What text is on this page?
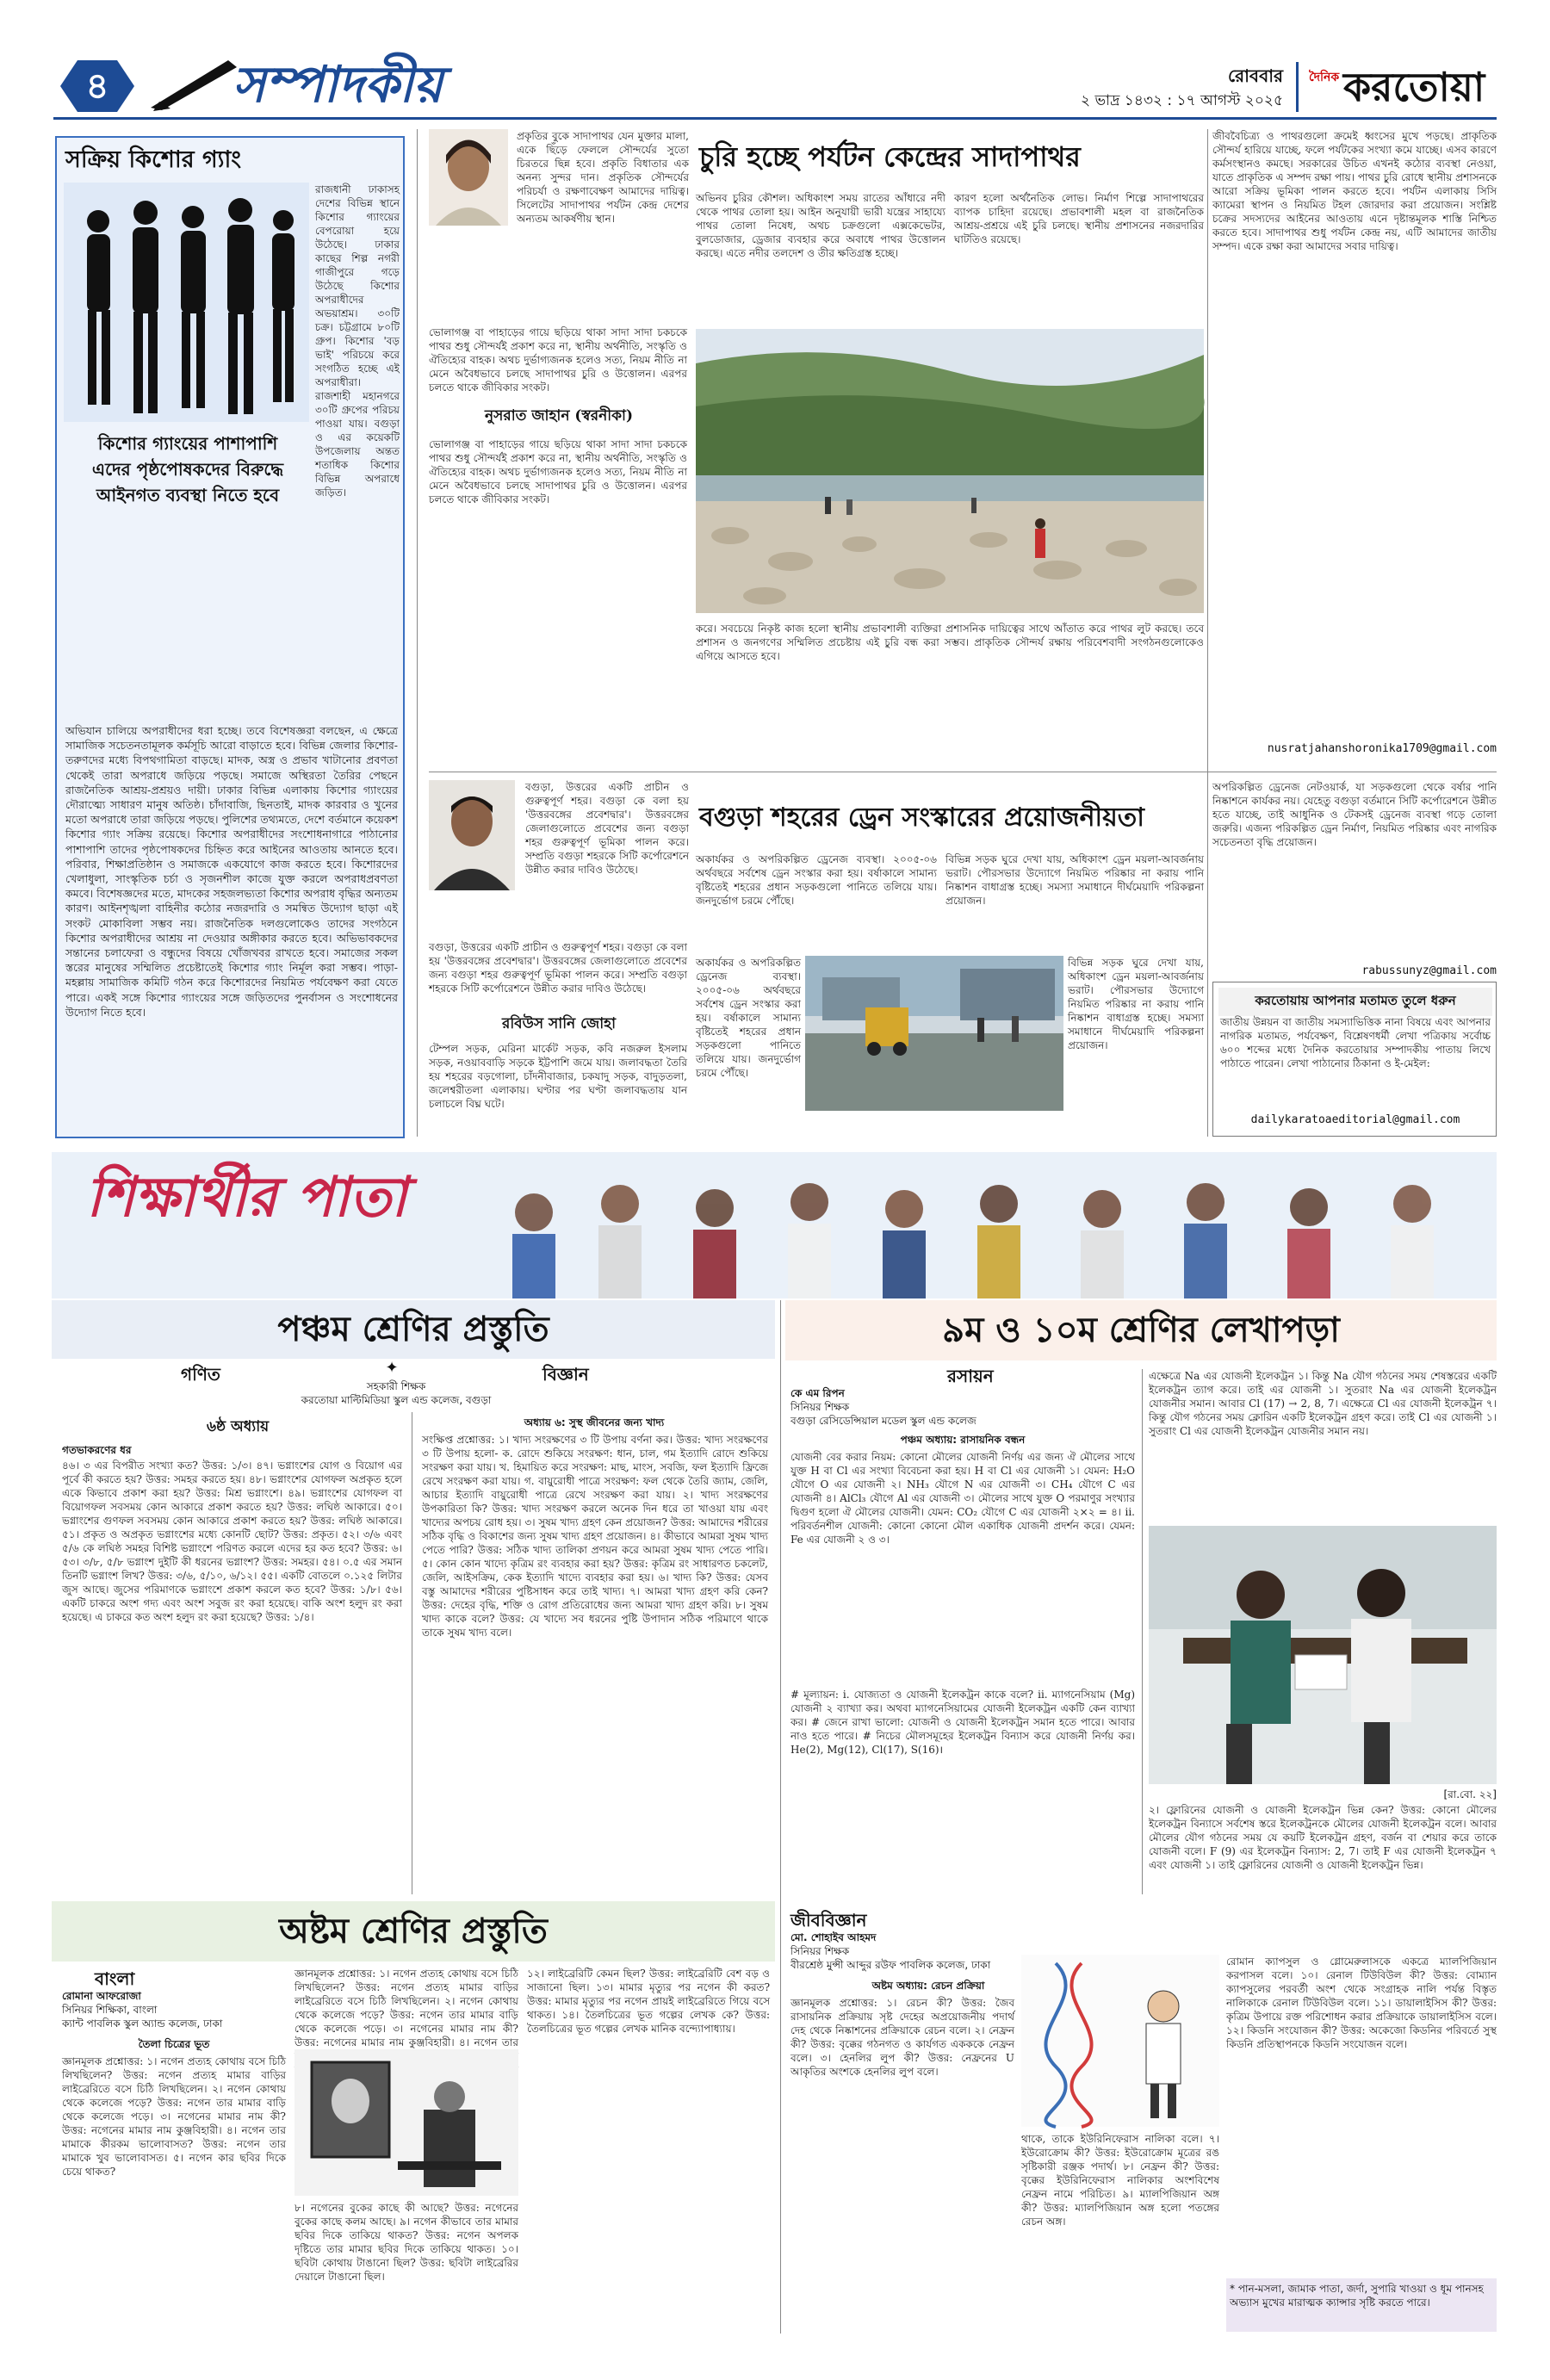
৪	সম্পাদকীয়	রোববার
২ ভাদ্র ১৪৩২ : ১৭ আগস্ট ২০২৫
দৈনিক করতোয়া
সক্রিয় কিশোর গ্যাং
রাজধানী ঢাকাসহ দেশের বিভিন্ন স্থানে কিশোর গ্যাংয়ের বেপরোয়া হয়ে উঠেছে। ঢাকার কাছের শিল্প নগরী গাজীপুরে গড়ে উঠেছে কিশোর অপরাধীদের অভয়াশ্রম। ৩০টি চক্র। চট্টগ্রামে ৮০টি গ্রুপ। কিশোর 'বড় ভাই' পরিচয়ে করে সংগঠিত হচ্ছে এই অপরাধীরা। রাজশাহী মহানগরে ৩০টি গ্রুপের পরিচয় পাওয়া যায়। বগুড়া ও এর কয়েকটি উপজেলায় অন্তত শতাধিক কিশোর বিভিন্ন অপরাধে জড়িত।
কিশোর গ্যাংয়ের পাশাপাশি এদের পৃষ্ঠপোষকদের বিরুদ্ধে আইনগত ব্যবস্থা নিতে হবে
অভিযান চালিয়ে অপরাধীদের ধরা হচ্ছে। তবে বিশেষজ্ঞরা বলছেন, এ ক্ষেত্রে সামাজিক সচেতনতামূলক কর্মসূচি আরো বাড়াতে হবে। বিভিন্ন জেলার কিশোর-তরুণদের মধ্যে বিপথগামিতা বাড়ছে। মাদক, অস্ত্র ও প্রভাব খাটানোর প্রবণতা থেকেই তারা অপরাধে জড়িয়ে পড়ছে। সমাজে অস্থিরতা তৈরির পেছনে রাজনৈতিক আশ্রয়-প্রশ্রয়ও দায়ী। ঢাকার বিভিন্ন এলাকায় কিশোর গ্যাংয়ের দৌরাত্ম্যে সাধারণ মানুষ অতিষ্ঠ। চাঁদাবাজি, ছিনতাই, মাদক কারবার ও খুনের মতো অপরাধে তারা জড়িয়ে পড়ছে। পুলিশের তথ্যমতে, দেশে বর্তমানে কয়েকশ কিশোর গ্যাং সক্রিয় রয়েছে। কিশোর অপরাধীদের সংশোধনাগারে পাঠানোর পাশাপাশি তাদের পৃষ্ঠপোষকদের চিহ্নিত করে আইনের আওতায় আনতে হবে। পরিবার, শিক্ষাপ্রতিষ্ঠান ও সমাজকে একযোগে কাজ করতে হবে। কিশোরদের খেলাধুলা, সাংস্কৃতিক চর্চা ও সৃজনশীল কাজে যুক্ত করলে অপরাধপ্রবণতা কমবে। বিশেষজ্ঞদের মতে, মাদকের সহজলভ্যতা কিশোর অপরাধ বৃদ্ধির অন্যতম কারণ। আইনশৃঙ্খলা বাহিনীর কঠোর নজরদারি ও সমন্বিত উদ্যোগ ছাড়া এই সংকট মোকাবিলা সম্ভব নয়। রাজনৈতিক দলগুলোকেও তাদের সংগঠনে কিশোর অপরাধীদের আশ্রয় না দেওয়ার অঙ্গীকার করতে হবে। অভিভাবকদের সন্তানের চলাফেরা ও বন্ধুদের বিষয়ে খোঁজখবর রাখতে হবে। সমাজের সকল স্তরের মানুষের সম্মিলিত প্রচেষ্টাতেই কিশোর গ্যাং নির্মূল করা সম্ভব। পাড়া-মহল্লায় সামাজিক কমিটি গঠন করে কিশোরদের নিয়মিত পর্যবেক্ষণ করা যেতে পারে। একই সঙ্গে কিশোর গ্যাংয়ের সঙ্গে জড়িতদের পুনর্বাসন ও সংশোধনের উদ্যোগ নিতে হবে।
প্রকৃতির বুকে সাদাপাথর যেন মুক্তার মালা, একে ছিঁড়ে ফেললে সৌন্দর্যের সুতো চিরতরে ছিন্ন হবে। প্রকৃতি বিধাতার এক অনন্য সুন্দর দান। প্রকৃতিক সৌন্দর্যের পরিচর্যা ও রক্ষণাবেক্ষণ আমাদের দায়িত্ব। সিলেটের সাদাপাথর পর্যটন কেন্দ্র দেশের অন্যতম আকর্ষণীয় স্থান।
চুরি হচ্ছে পর্যটন কেন্দ্রের সাদাপাথর
ভোলাগঞ্জ বা পাহাড়ের গায়ে ছড়িয়ে থাকা সাদা সাদা চকচকে পাথর শুধু সৌন্দর্যই প্রকাশ করে না, স্থানীয় অর্থনীতি, সংস্কৃতি ও ঐতিহ্যের বাহক। অথচ দুর্ভাগ্যজনক হলেও সত্য, নিয়ম নীতি না মেনে অবৈধভাবে চলছে সাদাপাথর চুরি ও উত্তোলন। এরপর চলতে থাকে জীবিকার সংকট।
নুসরাত জাহান (স্বরনীকা)
ভোলাগঞ্জ বা পাহাড়ের গায়ে ছড়িয়ে থাকা সাদা সাদা চকচকে পাথর শুধু সৌন্দর্যই প্রকাশ করে না, স্থানীয় অর্থনীতি, সংস্কৃতি ও ঐতিহ্যের বাহক। অথচ দুর্ভাগ্যজনক হলেও সত্য, নিয়ম নীতি না মেনে অবৈধভাবে চলছে সাদাপাথর চুরি ও উত্তোলন। এরপর চলতে থাকে জীবিকার সংকট।
অভিনব চুরির কৌশল। অধিকাংশ সময় রাতের আঁধারে নদী থেকে পাথর তোলা হয়। আইন অনুযায়ী ভারী যন্ত্রের সাহায্যে পাথর তোলা নিষেধ, অথচ চক্রগুলো এক্সকেভেটর, বুলডোজার, ড্রেজার ব্যবহার করে অবাধে পাথর উত্তোলন করছে। এতে নদীর তলদেশ ও তীর ক্ষতিগ্রস্ত হচ্ছে।
কারণ হলো অর্থনৈতিক লোভ। নির্মাণ শিল্পে সাদাপাথরের ব্যাপক চাহিদা রয়েছে। প্রভাবশালী মহল বা রাজনৈতিক আশ্রয়-প্রশ্রয়ে এই চুরি চলছে। স্থানীয় প্রশাসনের নজরদারির ঘাটতিও রয়েছে।
করে। সবচেয়ে নিকৃষ্ট কাজ হলো স্থানীয় প্রভাবশালী ব্যক্তিরা প্রশাসনিক দায়িত্বের সাথে আঁতাত করে পাথর লুট করছে। তবে প্রশাসন ও জনগণের সম্মিলিত প্রচেষ্টায় এই চুরি বন্ধ করা সম্ভব। প্রাকৃতিক সৌন্দর্য রক্ষায় পরিবেশবাদী সংগঠনগুলোকেও এগিয়ে আসতে হবে।
জীববৈচিত্র্য ও পাথরগুলো ক্রমেই ধ্বংসের মুখে পড়ছে। প্রাকৃতিক সৌন্দর্য হারিয়ে যাচ্ছে, ফলে পর্যটকের সংখ্যা কমে যাচ্ছে। এসব কারণে কর্মসংস্থানও কমছে। সরকারের উচিত এখনই কঠোর ব্যবস্থা নেওয়া, যাতে প্রাকৃতিক এ সম্পদ রক্ষা পায়। পাথর চুরি রোধে স্থানীয় প্রশাসনকে আরো সক্রিয় ভূমিকা পালন করতে হবে। পর্যটন এলাকায় সিসি ক্যামেরা স্থাপন ও নিয়মিত টহল জোরদার করা প্রয়োজন। সংশ্লিষ্ট চক্রের সদস্যদের আইনের আওতায় এনে দৃষ্টান্তমূলক শাস্তি নিশ্চিত করতে হবে। সাদাপাথর শুধু পর্যটন কেন্দ্র নয়, এটি আমাদের জাতীয় সম্পদ। একে রক্ষা করা আমাদের সবার দায়িত্ব।
nusratjahanshoronika1709@gmail.com
বগুড়া, উত্তরের একটি প্রাচীন ও গুরুত্বপূর্ণ শহর। বগুড়া কে বলা হয় 'উত্তরবঙ্গের প্রবেশদ্বার'। উত্তরবঙ্গের জেলাগুলোতে প্রবেশের জন্য বগুড়া শহর গুরুত্বপূর্ণ ভূমিকা পালন করে। সম্প্রতি বগুড়া শহরকে সিটি কর্পোরেশনে উন্নীত করার দাবিও উঠেছে।
বগুড়া শহরের ড্রেন সংস্কারের প্রয়োজনীয়তা
বগুড়া, উত্তরের একটি প্রাচীন ও গুরুত্বপূর্ণ শহর। বগুড়া কে বলা হয় 'উত্তরবঙ্গের প্রবেশদ্বার'। উত্তরবঙ্গের জেলাগুলোতে প্রবেশের জন্য বগুড়া শহর গুরুত্বপূর্ণ ভূমিকা পালন করে। সম্প্রতি বগুড়া শহরকে সিটি কর্পোরেশনে উন্নীত করার দাবিও উঠেছে।
রবিউস সানি জোহা
টেম্পল সড়ক, মেরিনা মার্কেট সড়ক, কবি নজরুল ইসলাম সড়ক, নওয়াববাড়ি সড়কে ইট্টপাশি জমে যায়। জলাবদ্ধতা তৈরি হয় শহরের বড়গোলা, চাঁদনীবাজার, চকযাদু সড়ক, বাদুড়তলা, জলেশ্বরীতলা এলাকায়। ঘণ্টার পর ঘণ্টা জলাবদ্ধতায় যান চলাচলে বিঘ্ন ঘটে।
অকার্যকর ও অপরিকল্পিত ড্রেনেজ ব্যবস্থা। ২০০৫-০৬ অর্থবছরে সর্বশেষ ড্রেন সংস্কার করা হয়। বর্ষাকালে সামান্য বৃষ্টিতেই শহরের প্রধান সড়কগুলো পানিতে তলিয়ে যায়। জনদুর্ভোগ চরমে পৌঁছে।
বিভিন্ন সড়ক ঘুরে দেখা যায়, অধিকাংশ ড্রেন ময়লা-আবর্জনায় ভরাট। পৌরসভার উদ্যোগে নিয়মিত পরিষ্কার না করায় পানি নিষ্কাশন বাধাগ্রস্ত হচ্ছে। সমস্যা সমাধানে দীর্ঘমেয়াদি পরিকল্পনা প্রয়োজন।
অকার্যকর ও অপরিকল্পিত ড্রেনেজ ব্যবস্থা। ২০০৫-০৬ অর্থবছরে সর্বশেষ ড্রেন সংস্কার করা হয়। বর্ষাকালে সামান্য বৃষ্টিতেই শহরের প্রধান সড়কগুলো পানিতে তলিয়ে যায়। জনদুর্ভোগ চরমে পৌঁছে।
বিভিন্ন সড়ক ঘুরে দেখা যায়, অধিকাংশ ড্রেন ময়লা-আবর্জনায় ভরাট। পৌরসভার উদ্যোগে নিয়মিত পরিষ্কার না করায় পানি নিষ্কাশন বাধাগ্রস্ত হচ্ছে। সমস্যা সমাধানে দীর্ঘমেয়াদি পরিকল্পনা প্রয়োজন।
অপরিকল্পিত ড্রেনেজ নেটওয়ার্ক, যা সড়কগুলো থেকে বর্ষার পানি নিষ্কাশনে কার্যকর নয়। যেহেতু বগুড়া বর্তমানে সিটি কর্পোরেশনে উন্নীত হতে যাচ্ছে, তাই আধুনিক ও টেকসই ড্রেনেজ ব্যবস্থা গড়ে তোলা জরুরি। এজন্য পরিকল্পিত ড্রেন নির্মাণ, নিয়মিত পরিষ্কার এবং নাগরিক সচেতনতা বৃদ্ধি প্রয়োজন।
rabussunyz@gmail.com
করতোয়ায় আপনার মতামত তুলে ধরুন
জাতীয় উন্নয়ন বা জাতীয় সমস্যাভিত্তিক নানা বিষয়ে এবং আপনার নাগরিক মতামত, পর্যবেক্ষণ, বিশ্লেষণধর্মী লেখা পত্রিকায় সর্বোচ্চ ৬০০ শব্দের মধ্যে দৈনিক করতোয়ার সম্পাদকীয় পাতায় লিখে পাঠাতে পারেন। লেখা পাঠানোর ঠিকানা ও ই-মেইল:
dailykaratoaeditorial@gmail.com
শিক্ষার্থীর পাতা
পঞ্চম শ্রেণির প্রস্তুতি
গণিত	✦	বিজ্ঞান
সহকারী শিক্ষক
করতোয়া মাল্টিমিডিয়া স্কুল এন্ড কলেজ, বগুড়া
৬ষ্ঠ অধ্যায়
গতভাকরণের ধর
৪৬। ৩ এর বিপরীত সংখ্যা কত? উত্তর: ১/৩। ৪৭। ভগ্নাংশের যোগ ও বিয়োগ এর পূর্বে কী করতে হয়? উত্তর: সমহর করতে হয়। ৪৮। ভগ্নাংশের যোগফল অপ্রকৃত হলে একে কিভাবে প্রকাশ করা হয়? উত্তর: মিশ্র ভগ্নাংশে। ৪৯। ভগ্নাংশের যোগফল বা বিয়োগফল সবসময় কোন আকারে প্রকাশ করতে হয়? উত্তর: লঘিষ্ঠ আকারে। ৫০। ভগ্নাংশের গুণফল সবসময় কোন আকারে প্রকাশ করতে হয়? উত্তর: লঘিষ্ঠ আকারে। ৫১। প্রকৃত ও অপ্রকৃত ভগ্নাংশের মধ্যে কোনটি ছোট? উত্তর: প্রকৃত। ৫২। ৩/৬ এবং ৫/৬ কে লঘিষ্ঠ সমহর বিশিষ্ট ভগ্নাংশে পরিণত করলে এদের হর কত হবে? উত্তর: ৬। ৫৩। ৩/৮, ৫/৮ ভগ্নাংশ দুইটি কী ধরনের ভগ্নাংশ? উত্তর: সমহর। ৫৪। ০.৫ এর সমান তিনটি ভগ্নাংশ লিখ? উত্তর: ৩/৬, ৫/১০, ৬/১২। ৫৫। একটি বোতলে ০.১২৫ লিটার জুস আছে। জুসের পরিমাণকে ভগ্নাংশে প্রকাশ করলে কত হবে? উত্তর: ১/৮। ৫৬। একটি চাকরে অংশ গদ্য এবং অংশ সবুজ রং করা হয়েছে। বাকি অংশ হলুদ রং করা হয়েছে। এ চাকরে কত অংশ হলুদ রং করা হয়েছে? উত্তর: ১/৪।
অধ্যায় ৬: সুস্থ জীবনের জন্য খাদ্য
সংক্ষিপ্ত প্রশ্নোত্তর: ১। খাদ্য সংরক্ষণের ৩ টি উপায় বর্ণনা কর। উত্তর: খাদ্য সংরক্ষণের ৩ টি উপায় হলো- ক. রোদে শুকিয়ে সংরক্ষণ: ধান, চাল, গম ইত্যাদি রোদে শুকিয়ে সংরক্ষণ করা যায়। খ. হিমায়িত করে সংরক্ষণ: মাছ, মাংস, সবজি, ফল ইত্যাদি ফ্রিজে রেখে সংরক্ষণ করা যায়। গ. বায়ুরোধী পাত্রে সংরক্ষণ: ফল থেকে তৈরি জ্যাম, জেলি, আচার ইত্যাদি বায়ুরোধী পাত্রে রেখে সংরক্ষণ করা যায়। ২। খাদ্য সংরক্ষণের উপকারিতা কি? উত্তর: খাদ্য সংরক্ষণ করলে অনেক দিন ধরে তা খাওয়া যায় এবং খাদ্যের অপচয় রোধ হয়। ৩। সুষম খাদ্য গ্রহণ কেন প্রয়োজন? উত্তর: আমাদের শরীরের সঠিক বৃদ্ধি ও বিকাশের জন্য সুষম খাদ্য গ্রহণ প্রয়োজন। ৪। কীভাবে আমরা সুষম খাদ্য পেতে পারি? উত্তর: সঠিক খাদ্য তালিকা প্রণয়ন করে আমরা সুষম খাদ্য পেতে পারি। ৫। কোন কোন খাদ্যে কৃত্রিম রং ব্যবহার করা হয়? উত্তর: কৃত্রিম রং সাধারণত চকলেট, জেলি, আইসক্রিম, কেক ইত্যাদি খাদ্যে ব্যবহার করা হয়। ৬। খাদ্য কি? উত্তর: যেসব বস্তু আমাদের শরীরের পুষ্টিসাধন করে তাই খাদ্য। ৭। আমরা খাদ্য গ্রহণ করি কেন? উত্তর: দেহের বৃদ্ধি, শক্তি ও রোগ প্রতিরোধের জন্য আমরা খাদ্য গ্রহণ করি। ৮। সুষম খাদ্য কাকে বলে? উত্তর: যে খাদ্যে সব ধরনের পুষ্টি উপাদান সঠিক পরিমাণে থাকে তাকে সুষম খাদ্য বলে।
অষ্টম শ্রেণির প্রস্তুতি
বাংলা
রোমানা আফরোজা
সিনিয়র শিক্ষিকা, বাংলা
ক্যান্ট পাবলিক স্কুল অ্যান্ড কলেজ, ঢাকা
তৈলা চিত্রের ভূত
জ্ঞানমূলক প্রশ্নোত্তর: ১। নগেন প্রত্যহ কোথায় বসে চিঠি লিখছিলেন? উত্তর: নগেন প্রত্যহ মামার বাড়ির লাইব্রেরিতে বসে চিঠি লিখছিলেন। ২। নগেন কোথায় থেকে কলেজে পড়ে? উত্তর: নগেন তার মামার বাড়ি থেকে কলেজে পড়ে। ৩। নগেনের মামার নাম কী? উত্তর: নগেনের মামার নাম কুঞ্জবিহারী। ৪। নগেন তার মামাকে কীরকম ভালোবাসত? উত্তর: নগেন তার মামাকে খুব ভালোবাসত। ৫। নগেন কার ছবির দিকে চেয়ে থাকত?
জ্ঞানমূলক প্রশ্নোত্তর: ১। নগেন প্রত্যহ কোথায় বসে চিঠি লিখছিলেন? উত্তর: নগেন প্রত্যহ মামার বাড়ির লাইব্রেরিতে বসে চিঠি লিখছিলেন। ২। নগেন কোথায় থেকে কলেজে পড়ে? উত্তর: নগেন তার মামার বাড়ি থেকে কলেজে পড়ে। ৩। নগেনের মামার নাম কী? উত্তর: নগেনের মামার নাম কুঞ্জবিহারী। ৪। নগেন তার
৮। নগেনের বুকের কাছে কী আছে? উত্তর: নগেনের বুকের কাছে কলম আছে। ৯। নগেন কীভাবে তার মামার ছবির দিকে তাকিয়ে থাকত? উত্তর: নগেন অপলক দৃষ্টিতে তার মামার ছবির দিকে তাকিয়ে থাকত। ১০। ছবিটা কোথায় টাঙানো ছিল? উত্তর: ছবিটা লাইব্রেরির দেয়ালে টাঙানো ছিল।
১২। লাইব্রেরিটি কেমন ছিল? উত্তর: লাইব্রেরিটি বেশ বড় ও সাজানো ছিল। ১৩। মামার মৃত্যুর পর নগেন কী করত? উত্তর: মামার মৃত্যুর পর নগেন প্রায়ই লাইব্রেরিতে গিয়ে বসে থাকত। ১৪। তৈলচিত্রের ভূত গল্পের লেখক কে? উত্তর: তৈলচিত্রের ভূত গল্পের লেখক মানিক বন্দ্যোপাধ্যায়।
৯ম ও ১০ম শ্রেণির লেখাপড়া
রসায়ন
কে এম রিপন
সিনিয়র শিক্ষক
বগুড়া রেসিডেন্সিয়াল মডেল স্কুল এন্ড কলেজ
পঞ্চম অধ্যায়: রাসায়নিক বন্ধন
যোজনী বের করার নিয়ম: কোনো মৌলের যোজনী নির্ণয় এর জন্য ঐ মৌলের সাথে যুক্ত H বা Cl এর সংখ্যা বিবেচনা করা হয়। H বা Cl এর যোজনী ১। যেমন: H₂O যৌগে O এর যোজনী ২। NH₃ যৌগে N এর যোজনী ৩। CH₄ যৌগে C এর যোজনী ৪। AlCl₃ যৌগে Al এর যোজনী ৩। মৌলের সাথে যুক্ত O পরমাণুর সংখ্যার দ্বিগুণ হলো ঐ মৌলের যোজনী। যেমন: CO₂ যৌগে C এর যোজনী ২×২ = ৪। ii. পরিবর্তনশীল যোজনী: কোনো কোনো মৌল একাধিক যোজনী প্রদর্শন করে। যেমন: Fe এর যোজনী ২ ও ৩।
# মূল্যায়ন: i. যোজ্যতা ও যোজনী ইলেকট্রন কাকে বলে? ii. ম্যাগনেসিয়াম (Mg) যোজনী ২ ব্যাখ্যা কর। অথবা ম্যাগনেসিয়ামের যোজনী ইলেকট্রন একটি কেন ব্যাখ্যা কর। # জেনে রাখা ভালো: যোজনী ও যোজনী ইলেকট্রন সমান হতে পারে। আবার নাও হতে পারে। # নিচের মৌলসমূহের ইলেকট্রন বিন্যাস করে যোজনী নির্ণয় কর। He(2), Mg(12), Cl(17), S(16)।
এক্ষেত্রে Na এর যোজনী ইলেকট্রন ১। কিন্তু Na যৌগ গঠনের সময় শেষস্তরের একটি ইলেকট্রন ত্যাগ করে। তাই এর যোজনী ১। সুতরাং Na এর যোজনী ইলেকট্রন যোজনীর সমান। আবার Cl (17) → 2, 8, 7। এক্ষেত্রে Cl এর যোজনী ইলেকট্রন ৭। কিন্তু যৌগ গঠনের সময় ক্লোরিন একটি ইলেকট্রন গ্রহণ করে। তাই Cl এর যোজনী ১। সুতরাং Cl এর যোজনী ইলেকট্রন যোজনীর সমান নয়।
[রা.বো. ২২]
২। ফ্লোরিনের যোজনী ও যোজনী ইলেকট্রন ভিন্ন কেন? উত্তর: কোনো মৌলের ইলেকট্রন বিন্যাসে সর্বশেষ স্তরে ইলেকট্রনকে মৌলের যোজনী ইলেকট্রন বলে। আবার মৌলের যৌগ গঠনের সময় যে কয়টি ইলেকট্রন গ্রহণ, বর্জন বা শেয়ার করে তাকে যোজনী বলে। F (9) এর ইলেকট্রন বিন্যাস: 2, 7। তাই F এর যোজনী ইলেকট্রন ৭ এবং যোজনী ১। তাই ফ্লোরিনের যোজনী ও যোজনী ইলেকট্রন ভিন্ন।
জীববিজ্ঞান
মো. শোহাইব আহমদ
সিনিয়র শিক্ষক
বীরশ্রেষ্ঠ মুন্সী আব্দুর রউফ পাবলিক কলেজ, ঢাকা
অষ্টম অধ্যায়: রেচন প্রক্রিয়া
জ্ঞানমূলক প্রশ্নোত্তর: ১। রেচন কী? উত্তর: জৈব রাসায়নিক প্রক্রিয়ায় সৃষ্ট দেহের অপ্রয়োজনীয় পদার্থ দেহ থেকে নিষ্কাশনের প্রক্রিয়াকে রেচন বলে। ২। নেফ্রন কী? উত্তর: বৃক্কের গঠনগত ও কার্যগত একককে নেফ্রন বলে। ৩। হেনলির লুপ কী? উত্তর: নেফ্রনের U আকৃতির অংশকে হেনলির লুপ বলে।
থাকে, তাকে ইউরিনিফেরাস নালিকা বলে। ৭। ইউরোক্রোম কী? উত্তর: ইউরোক্রোম মূত্রের রঙ সৃষ্টিকারী রঞ্জক পদার্থ। ৮। নেফ্রন কী? উত্তর: বৃক্কের ইউরিনিফেরাস নালিকার অংশবিশেষ নেফ্রন নামে পরিচিত। ৯। ম্যালপিজিয়ান অঙ্গ কী? উত্তর: ম্যালপিজিয়ান অঙ্গ হলো পতঙ্গের রেচন অঙ্গ।
রোমান ক্যাপসুল ও গ্লোমেরুলাসকে একত্রে ম্যালপিজিয়ান করপাসল বলে। ১০। রেনাল টিউবিউল কী? উত্তর: বোম্যান ক্যাপসুলের পরবর্তী অংশ থেকে সংগ্রাহক নালি পর্যন্ত বিস্তৃত নালিকাকে রেনাল টিউবিউল বলে। ১১। ডায়ালাইসিস কী? উত্তর: কৃত্রিম উপায়ে রক্ত পরিশোধন করার প্রক্রিয়াকে ডায়ালাইসিস বলে। ১২। কিডনি সংযোজন কী? উত্তর: অকেজো কিডনির পরিবর্তে সুস্থ কিডনি প্রতিস্থাপনকে কিডনি সংযোজন বলে।
* পান-মসলা, জামাক পাতা, জর্দা, সুপারি খাওয়া ও ধূম পানসহ অভ্যাস মুখের মারাত্মক ক্যান্সার সৃষ্টি করতে পারে।
